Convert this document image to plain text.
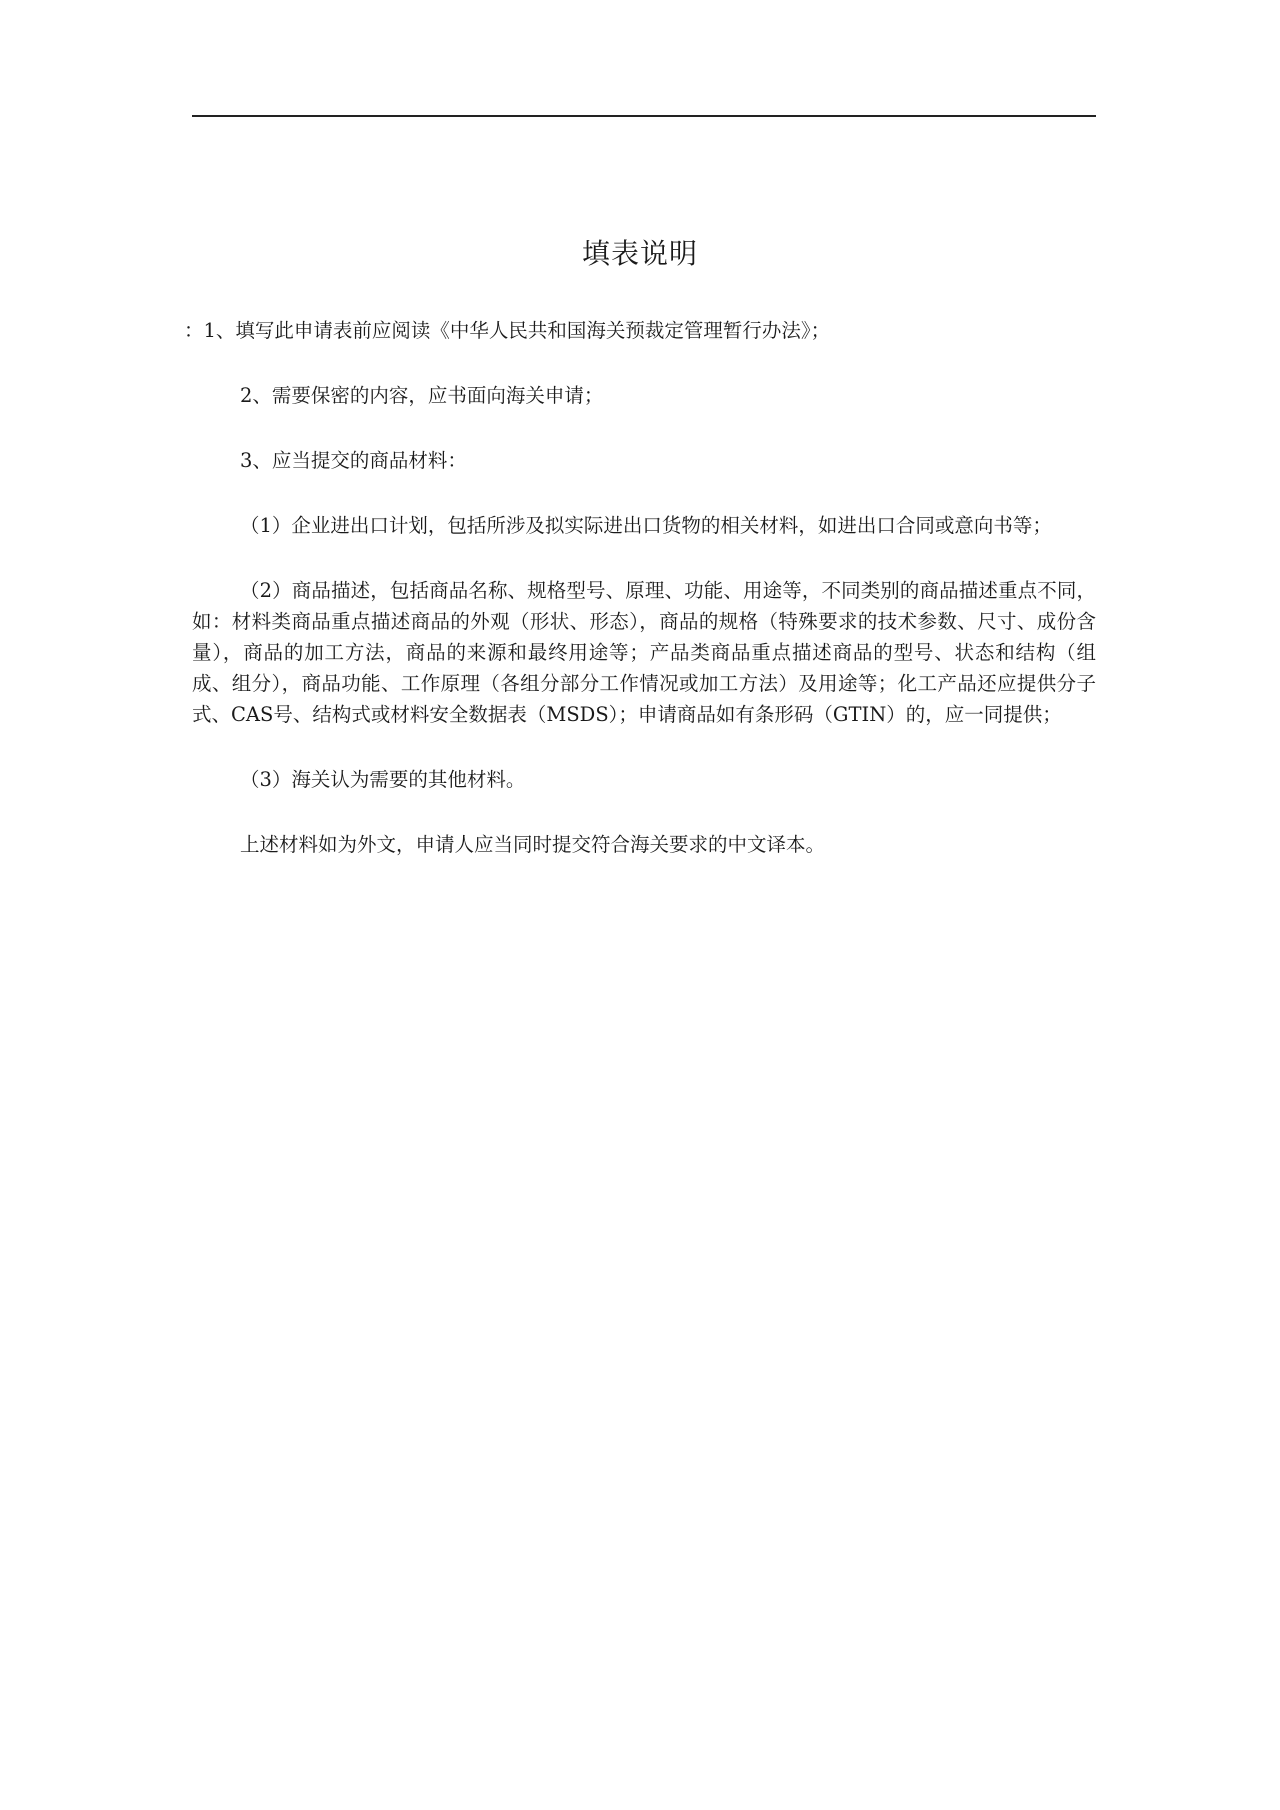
填表说明

：1、填写此申请表前应阅读《中华人民共和国海关预裁定管理暂行办法》；

2、需要保密的内容，应书面向海关申请；

3、应当提交的商品材料：

（1）企业进出口计划，包括所涉及拟实际进出口货物的相关材料，如进出口合同或意向书等；

（2）商品描述，包括商品名称、规格型号、原理、功能、用途等，不同类别的商品描述重点不同，如：材料类商品重点描述商品的外观（形状、形态），商品的规格（特殊要求的技术参数、尺寸、成份含量），商品的加工方法，商品的来源和最终用途等；产品类商品重点描述商品的型号、状态和结构（组成、组分），商品功能、工作原理（各组分部分工作情况或加工方法）及用途等；化工产品还应提供分子式、CAS号、结构式或材料安全数据表（MSDS）；申请商品如有条形码（GTIN）的，应一同提供；

（3）海关认为需要的其他材料。

上述材料如为外文，申请人应当同时提交符合海关要求的中文译本。
